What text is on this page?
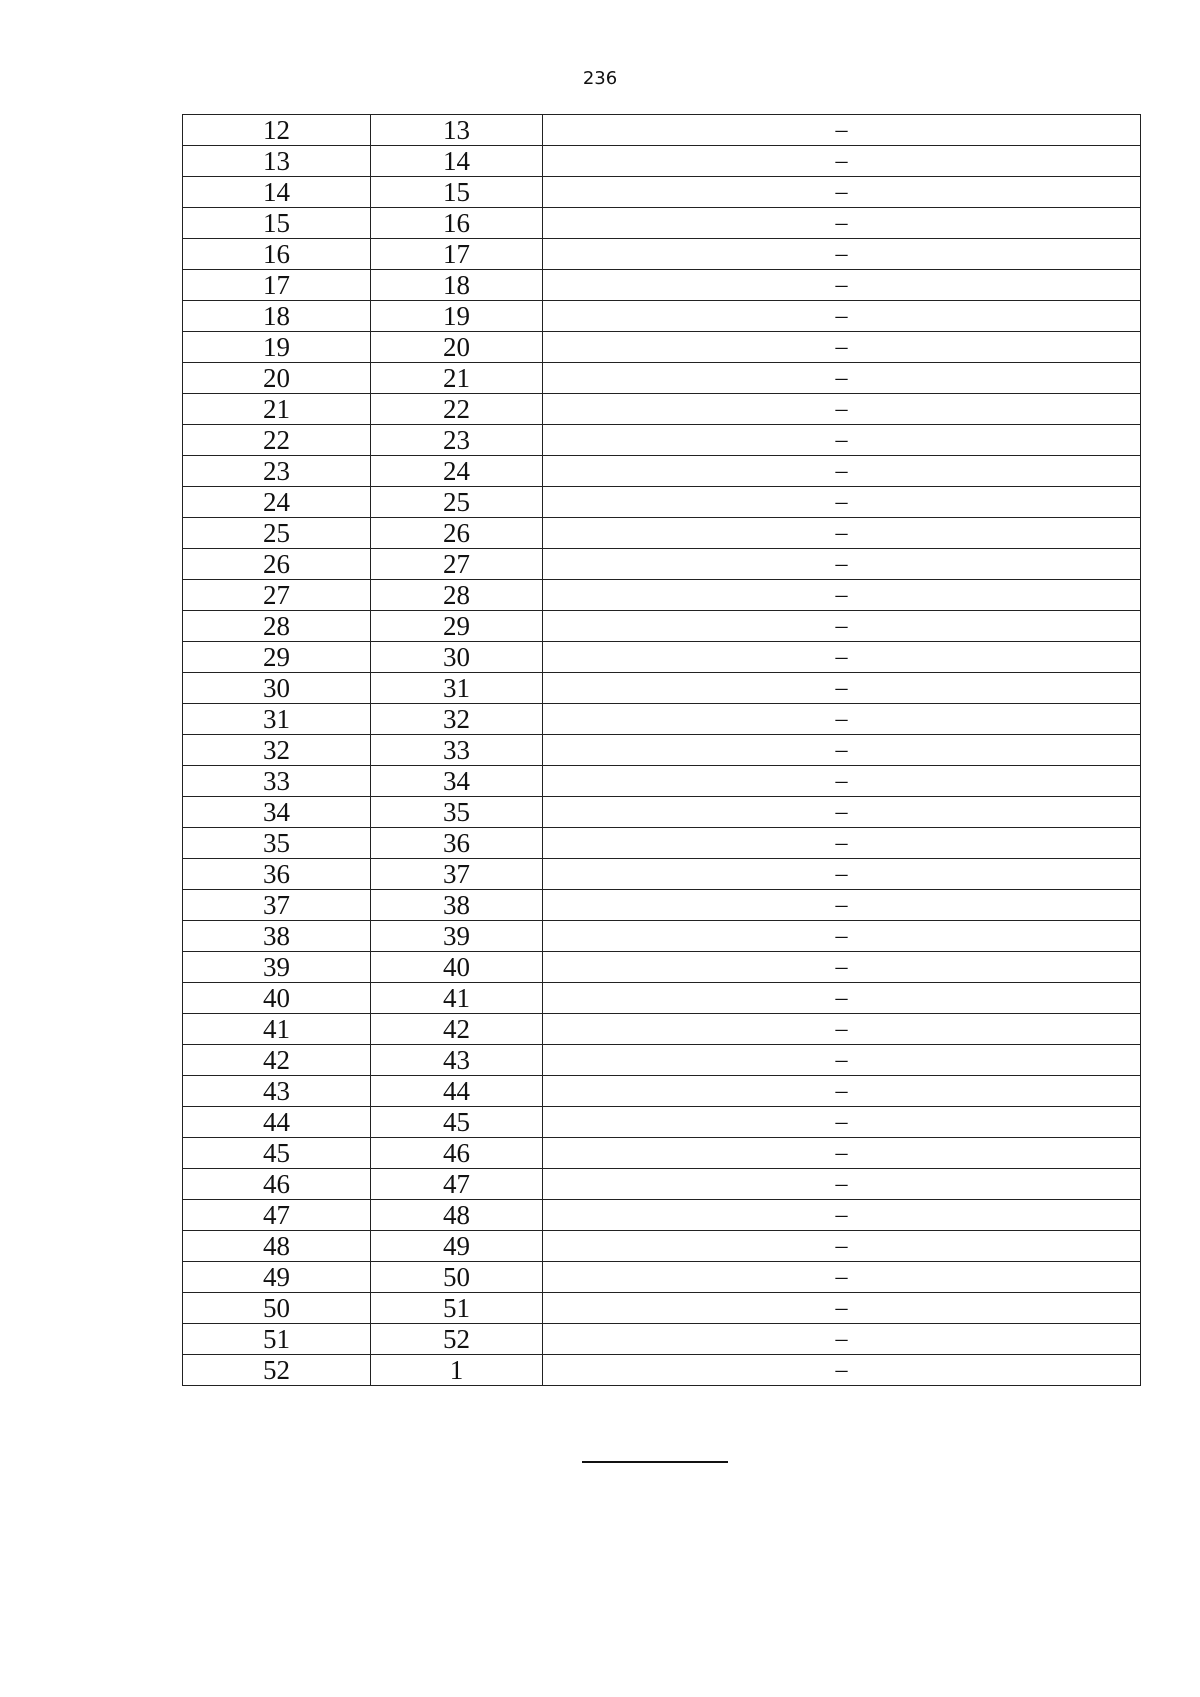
236
12	13	–
13	14	–
14	15	–
15	16	–
16	17	–
17	18	–
18	19	–
19	20	–
20	21	–
21	22	–
22	23	–
23	24	–
24	25	–
25	26	–
26	27	–
27	28	–
28	29	–
29	30	–
30	31	–
31	32	–
32	33	–
33	34	–
34	35	–
35	36	–
36	37	–
37	38	–
38	39	–
39	40	–
40	41	–
41	42	–
42	43	–
43	44	–
44	45	–
45	46	–
46	47	–
47	48	–
48	49	–
49	50	–
50	51	–
51	52	–
52	1	–
